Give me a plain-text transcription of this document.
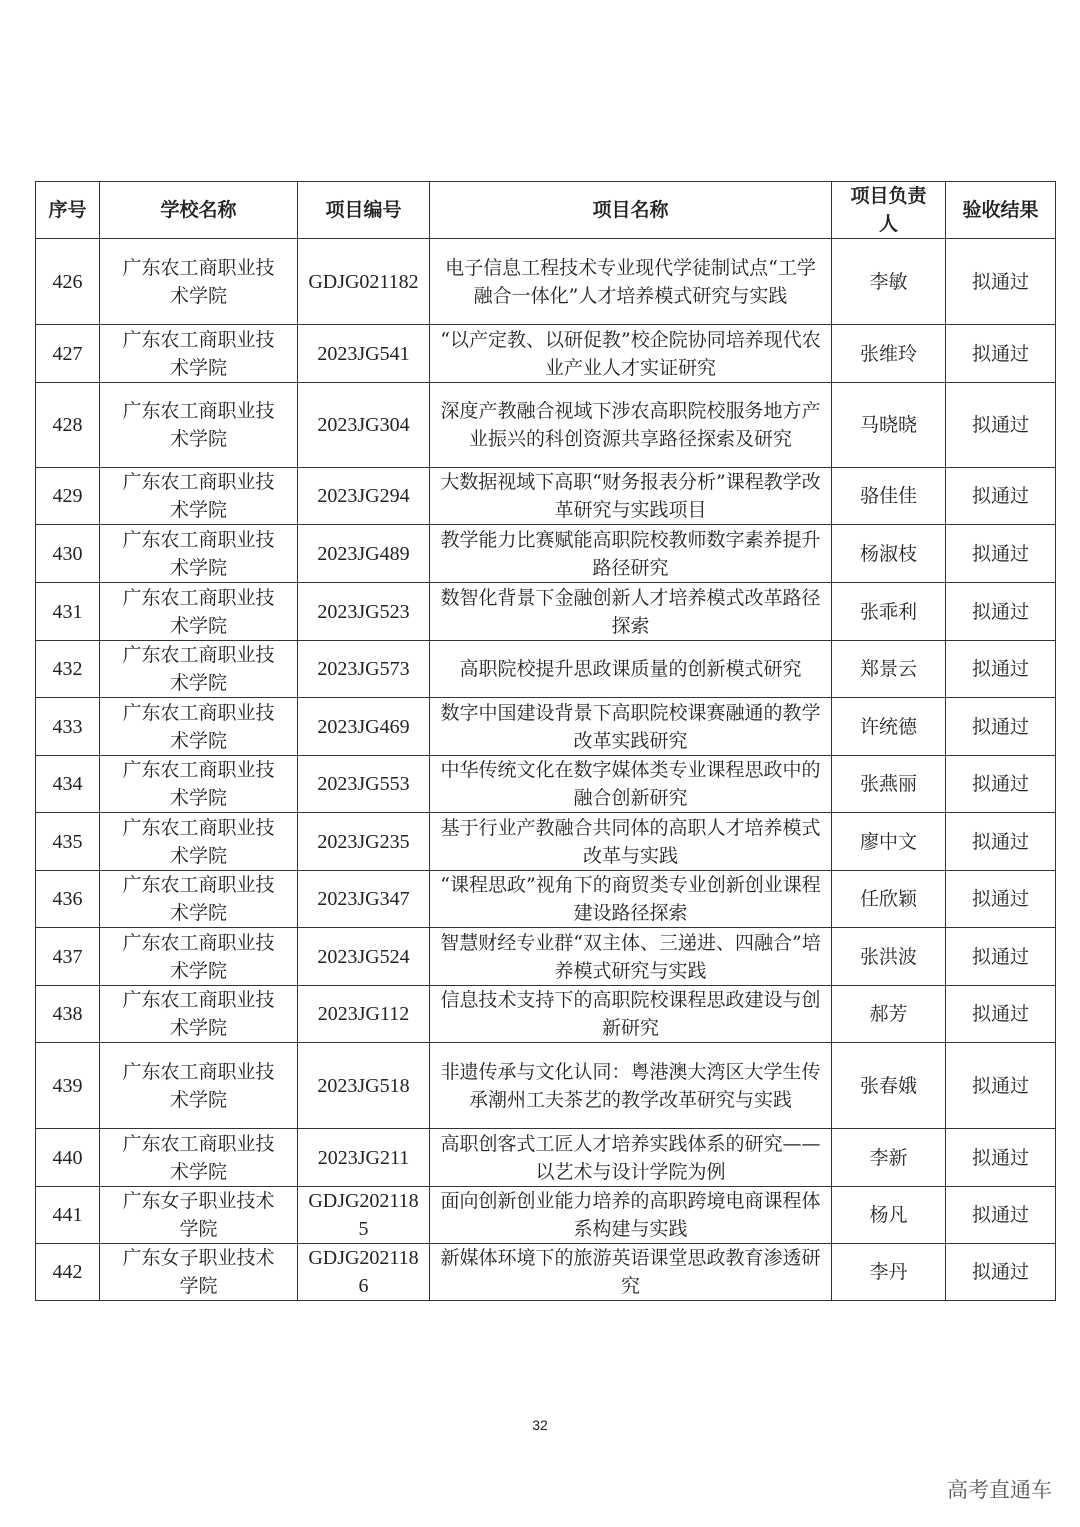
序号	学校名称	项目编号	项目名称	项目负责人	验收结果
426	广东农工商职业技术学院	GDJG021182	电子信息工程技术专业现代学徒制试点“工学融合一体化”人才培养模式研究与实践	李敏	拟通过
427	广东农工商职业技术学院	2023JG541	“以产定教、以研促教”校企院协同培养现代农业产业人才实证研究	张维玲	拟通过
428	广东农工商职业技术学院	2023JG304	深度产教融合视域下涉农高职院校服务地方产业振兴的科创资源共享路径探索及研究	马晓晓	拟通过
429	广东农工商职业技术学院	2023JG294	大数据视域下高职“财务报表分析”课程教学改革研究与实践项目	骆佳佳	拟通过
430	广东农工商职业技术学院	2023JG489	教学能力比赛赋能高职院校教师数字素养提升路径研究	杨淑枝	拟通过
431	广东农工商职业技术学院	2023JG523	数智化背景下金融创新人才培养模式改革路径探索	张乖利	拟通过
432	广东农工商职业技术学院	2023JG573	高职院校提升思政课质量的创新模式研究	郑景云	拟通过
433	广东农工商职业技术学院	2023JG469	数字中国建设背景下高职院校课赛融通的教学改革实践研究	许统德	拟通过
434	广东农工商职业技术学院	2023JG553	中华传统文化在数字媒体类专业课程思政中的融合创新研究	张燕丽	拟通过
435	广东农工商职业技术学院	2023JG235	基于行业产教融合共同体的高职人才培养模式改革与实践	廖中文	拟通过
436	广东农工商职业技术学院	2023JG347	“课程思政”视角下的商贸类专业创新创业课程建设路径探索	任欣颖	拟通过
437	广东农工商职业技术学院	2023JG524	智慧财经专业群“双主体、三递进、四融合”培养模式研究与实践	张洪波	拟通过
438	广东农工商职业技术学院	2023JG112	信息技术支持下的高职院校课程思政建设与创新研究	郝芳	拟通过
439	广东农工商职业技术学院	2023JG518	非遗传承与文化认同：粤港澳大湾区大学生传承潮州工夫茶艺的教学改革研究与实践	张春娥	拟通过
440	广东农工商职业技术学院	2023JG211	高职创客式工匠人才培养实践体系的研究——以艺术与设计学院为例	李新	拟通过
441	广东女子职业技术学院	GDJG2021185	面向创新创业能力培养的高职跨境电商课程体系构建与实践	杨凡	拟通过
442	广东女子职业技术学院	GDJG2021186	新媒体环境下的旅游英语课堂思政教育渗透研究	李丹	拟通过
32
高考直通车
